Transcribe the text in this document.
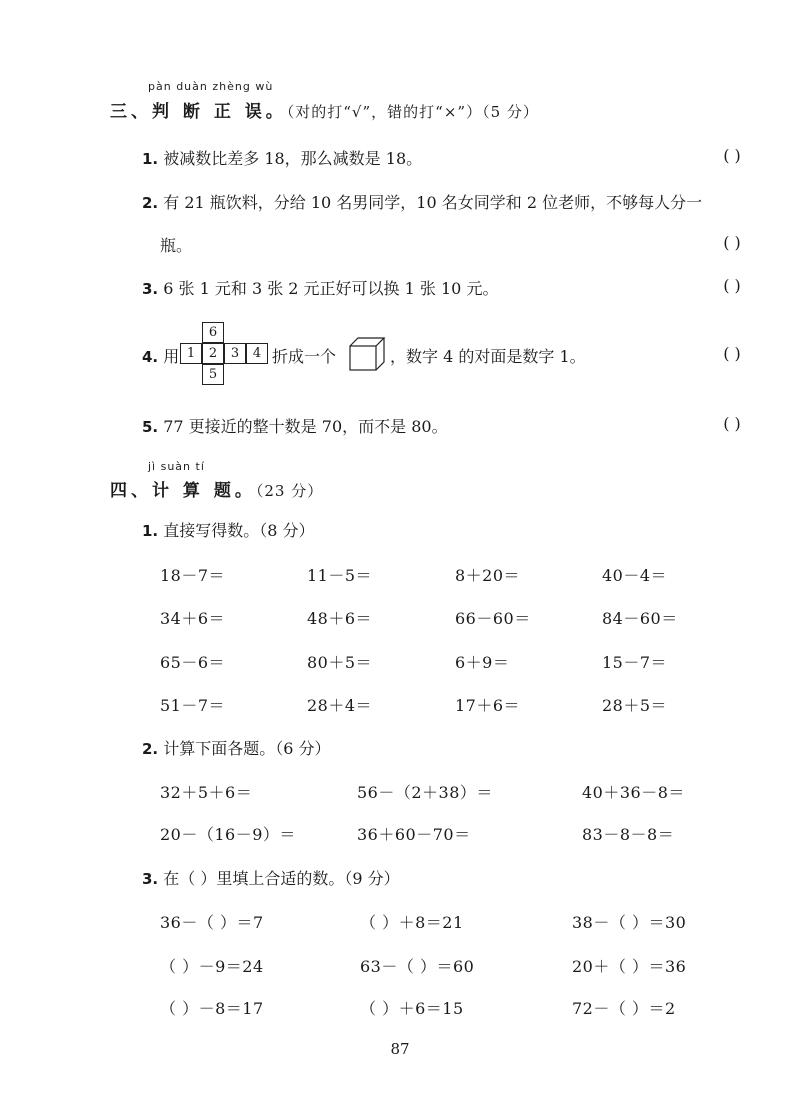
pàn duàn zhèng wù
三、判 断 正 误。（对的打“√”，错的打“×”）（5 分）
1. 被减数比差多 18，那么减数是 18。	( )
2. 有 21 瓶饮料，分给 10 名男同学，10 名女同学和 2 位老师，不够每人分一
瓶。	( )
3. 6 张 1 元和 3 张 2 元正好可以换 1 张 10 元。	( )
4. 用
6
1	2	3	4
5
折成一个	，数字 4 的对面是数字 1。	( )
5. 77 更接近的整十数是 70，而不是 80。	( )
jì suàn tí
四、计 算 题。（23 分）
1. 直接写得数。（8 分）
18－7＝	11－5＝	8＋20＝	40－4＝
34＋6＝	48＋6＝	66－60＝	84－60＝
65－6＝	80＋5＝	6＋9＝	15－7＝
51－7＝	28＋4＝	17＋6＝	28＋5＝
2. 计算下面各题。（6 分）
32＋5＋6＝	56－（2＋38）＝	40＋36－8＝
20－（16－9）＝	36＋60－70＝	83－8－8＝
3. 在（ ）里填上合适的数。（9 分）
36－（ ）＝7	（ ）＋8＝21	38－（ ）＝30
（ ）－9＝24	63－（ ）＝60	20＋（ ）＝36
（ ）－8＝17	（ ）＋6＝15	72－（ ）＝2
87
